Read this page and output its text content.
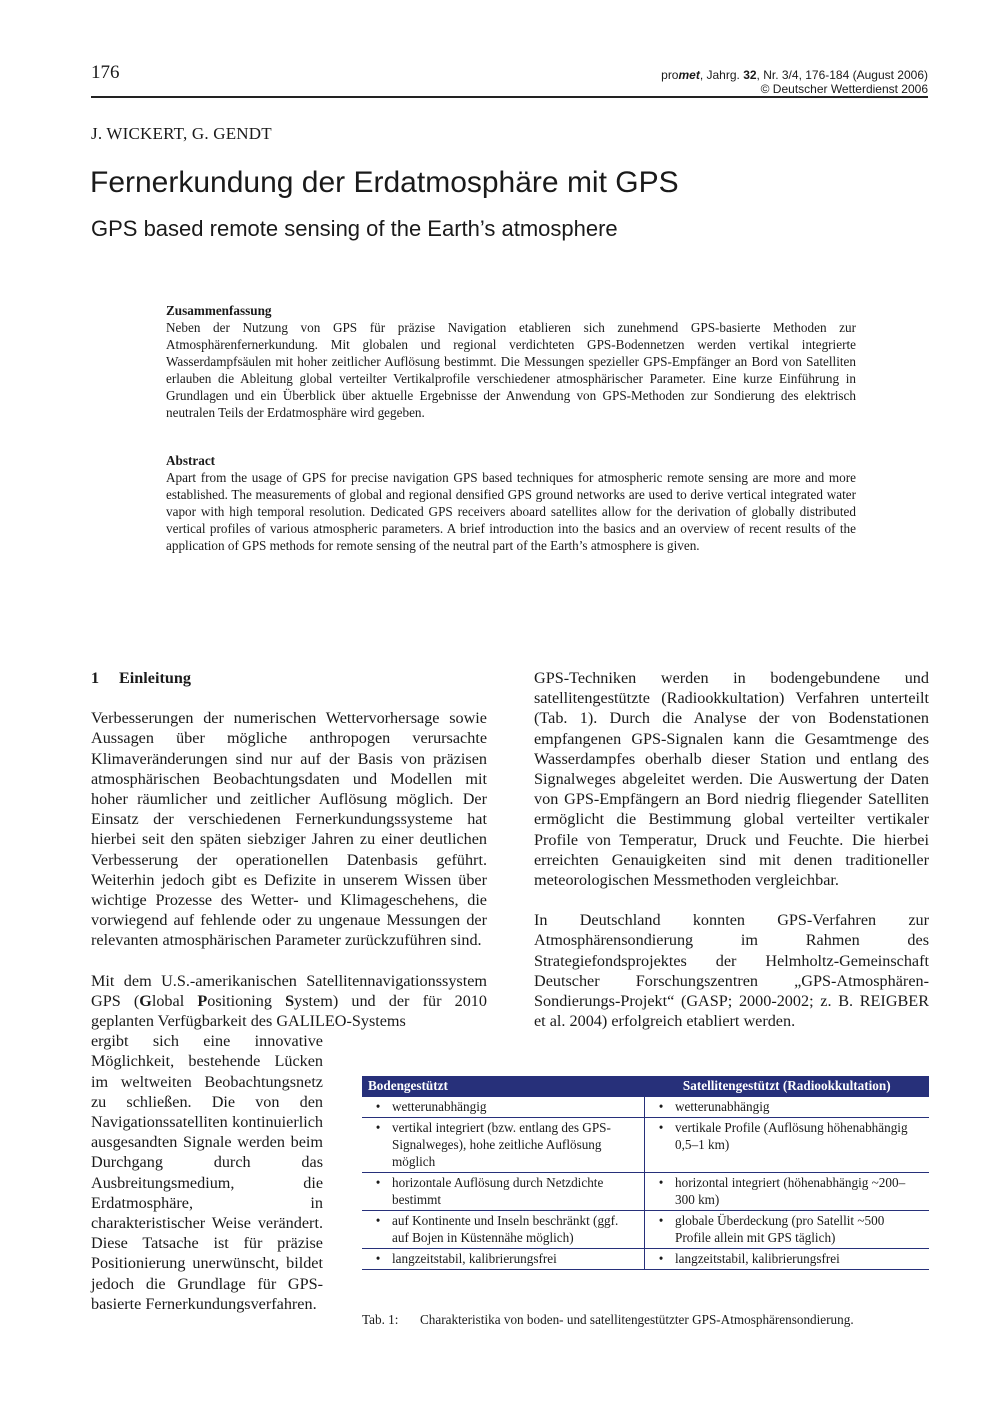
176	promet, Jahrg. 32, Nr. 3/4, 176-184 (August 2006)
© Deutscher Wetterdienst 2006
J. WICKERT, G. GENDT
Fernerkundung der Erdatmosphäre mit GPS
GPS based remote sensing of the Earth’s atmosphere
Zusammenfassung

Neben der Nutzung von GPS für präzise Navigation etablieren sich zunehmend GPS-basierte Methoden zur Atmosphärenfernerkundung. Mit globalen und regional verdichteten GPS-Bodennetzen werden vertikal integrierte Wasserdampfsäulen mit hoher zeitlicher Auflösung bestimmt. Die Messungen spezieller GPS-Empfänger an Bord von Satelliten erlauben die Ableitung global verteilter Vertikalprofile verschiedener atmosphärischer Parameter. Eine kurze Einführung in Grundlagen und ein Überblick über aktuelle Ergebnisse der Anwendung von GPS-Methoden zur Sondierung des elektrisch neutralen Teils der Erdatmosphäre wird gegeben.

Abstract

Apart from the usage of GPS for precise navigation GPS based techniques for atmospheric remote sensing are more and more established. The measurements of global and regional densified GPS ground networks are used to derive vertical integrated water vapor with high temporal resolution. Dedicated GPS receivers aboard satellites allow for the derivation of globally distributed vertical profiles of various atmospheric parameters. A brief introduction into the basics and an overview of recent results of the application of GPS methods for remote sensing of the neutral part of the Earth’s atmosphere is given.

1 Einleitung

Verbesserungen der numerischen Wettervorhersage sowie Aussagen über mögliche anthropogen verursachte Klimaveränderungen sind nur auf der Basis von präzisen atmosphärischen Beobachtungsdaten und Modellen mit hoher räumlicher und zeitlicher Auflösung möglich. Der Einsatz der verschiedenen Fernerkundungssysteme hat hierbei seit den späten siebziger Jahren zu einer deutlichen Verbesserung der operationellen Datenbasis geführt. Weiterhin jedoch gibt es Defizite in unserem Wissen über wichtige Prozesse des Wetter- und Klimageschehens, die vorwiegend auf fehlende oder zu ungenaue Messungen der relevanten atmosphärischen Parameter zurückzuführen sind.

Mit dem U.S.-amerikanischen Satellitennavigationssystem GPS (Global Positioning System) und der für 2010 geplanten Verfügbarkeit des GALILEO-Systems

ergibt sich eine innovative Möglichkeit, bestehende Lücken im weltweiten Beobachtungsnetz zu schließen. Die von den Navigationssatelliten kontinuierlich ausgesandten Signale werden beim Durchgang durch das Ausbreitungsmedium, die Erdatmosphäre, in charakteristischer Weise verändert. Diese Tatsache ist für präzise Positionierung unerwünscht, bildet jedoch die Grundlage für GPS-basierte Fernerkundungsverfahren.

GPS-Techniken werden in bodengebundene und satellitengestützte (Radiookkultation) Verfahren unterteilt (Tab. 1). Durch die Analyse der von Bodenstationen empfangenen GPS-Signalen kann die Gesamtmenge des Wasserdampfes oberhalb dieser Station und entlang des Signalweges abgeleitet werden. Die Auswertung der Daten von GPS-Empfängern an Bord niedrig fliegender Satelliten ermöglicht die Bestimmung global verteilter vertikaler Profile von Temperatur, Druck und Feuchte. Die hierbei erreichten Genauigkeiten sind mit denen traditioneller meteorologischen Messmethoden vergleichbar.

In Deutschland konnten GPS-Verfahren zur Atmosphärensondierung im Rahmen des Strategiefondsprojektes der Helmholtz-Gemeinschaft Deutscher Forschungszentren „GPS-Atmosphären-Sondierungs-Projekt“ (GASP; 2000-2002; z. B. REIGBER et al. 2004) erfolgreich etabliert werden.

Bodengestützt	Satellitengestützt (Radiookkultation)

• wetterunabhängig	• wetterunabhängig

• vertikal integriert (bzw. entlang des GPS-Signalweges), hohe zeitliche Auflösung möglich	• vertikale Profile (Auflösung höhenabhängig 0,5–1 km)

• horizontale Auflösung durch Netzdichte bestimmt	• horizontal integriert (höhenabhängig ~200–300 km)

• auf Kontinente und Inseln beschränkt (ggf. auf Bojen in Küstennähe möglich)	• globale Überdeckung (pro Satellit ~500 Profile allein mit GPS täglich)

• langzeitstabil, kalibrierungsfrei	• langzeitstabil, kalibrierungsfrei
Tab. 1: Charakteristika von boden- und satellitengestützter GPS-Atmosphärensondierung.
